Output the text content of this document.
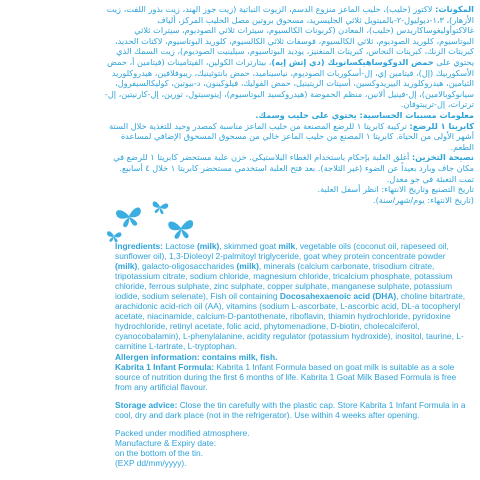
المكونات: لاكتوز (حليب)، حليب الماعز منزوع الدسم، الزيوت النباتية (زيت جوز الهند، زيت بذور اللفت، زيت الأزهار)، ١،٣-ديوليول-٢-بالميتويل ثلاثي الجليسريد، مسحوق بروتين مصل الحليب المركز، ألياف غالاكتوأوليغوساكاريدس (حليب)، المعادن (كربونات الكالسيوم، سيترات ثلاثي الصوديوم، سيترات ثلاثي البوتاسيوم، كلوريد الصوديوم، ثلاثي الكالسيوم، فوسفات ثلاثي الكالسيوم، كلوريد البوتاسيوم، لاكتات الحديد، كبريتات الزنك، كبريتات النحاس، كبريتات المنغنيز، يوديد البوتاسيوم، سيلينيت الصوديوم)، زيت السمك الذي يحتوي على حمض الدوكوساهيكسانويك (دي إتش إيه)، بيتارترات الكولين، الفيتامينات (فيتامين أ، حمض الأسكوربيك (إل)، فيتامين إي، إل-أسكوربات الصوديوم، نياسيناميد، حمض بانتوثينيك، ريبوفلافين، هيدروكلوريد الثيامين، هيدروكلوريد البيريدوكسين، أسيتات الريتينيل، حمض الفوليك، فيلوكينون، د-بيوتين، كوليكالسيفرول، سيانوكوبالامين)، إل-فينيل ألانين، منظم الحموضة (هيدروكسيد البوتاسيوم)، إينوسيتول، تورين، إل-كارنيتين، إل-ترترات، إل-تريبتوفان.

معلومات مسببات الحساسية: يحتوي على حليب وسمك.

كابريتا ١ للرضع: تركيبة كابريتا ١ للرضع المصنعة من حليب الماعز مناسبة كمصدر وحيد للتغذية خلال الستة أشهر الأولى من الحياة. كابريتا ١ المصنع من حليب الماعز خالي من مسحوق المسحوق الإضافي لمساعدة الطعم.

نصيحة التخزين: أغلق العلبة بإحكام باستخدام الغطاء البلاستيكي. خزن علبة مستحضر كابريتا ١ للرضع في مكان جاف وبارد بعيداً عن الضوء (غير الثلاجة). بعد فتح العلبة استخدمي مستحضر كابريتا ١ خلال ٤ أسابيع.

تمت التعبئة في جو معدل.

تاريخ التصنيع وتاريخ الانتهاء: انظر أسفل العلبة.

(تاريخ الانتهاء: يوم/شهر/سنة).

Ingredients: Lactose (milk), skimmed goat milk, vegetable oils (coconut oil, rapeseed oil, sunflower oil), 1,3-Dioleoyl 2-palmitoyl triglyceride, goat whey protein concentrate powder (milk), galacto-oligosaccharides (milk), minerals (calcium carbonate, trisodium citrate, tripotassium citrate, sodium chloride, magnesium chloride, tricalcium phosphate, potassium chloride, ferrous sulphate, zinc sulphate, copper sulphate, manganese sulphate, potassium iodide, sodium selenate), Fish oil containing Docosahexaenoic acid (DHA), choline bitartrate, arachidonic acid-rich oil (AA), vitamins (sodium L-ascorbate, L-ascorbic acid, DL-a tocopheryl acetate, niacinamide, calcium-D-pantothenate, riboflavin, thiamin hydrochloride, pyridoxine hydrochloride, retinyl acetate, folic acid, phytomenadione, D-biotin, cholecalciferol, cyanocobalamin), L-phenylalanine, acidity regulator (potassium hydroxide), inositol, taurine, L-carnitine L-tartrate, L-tryptophan.

Allergen information: contains milk, fish.

Kabrita 1 Infant Formula: Kabrita 1 Infant Formula based on goat milk is suitable as a sole source of nutrition during the first 6 months of life. Kabrita 1 Goat Milk Based Formula is free from any artificial flavour.

Storage advice: Close the tin carefully with the plastic cap. Store Kabrita 1 Infant Formula in a cool, dry and dark place (not in the refrigerator). Use within 4 weeks after opening.

Packed under modified atmosphere.

Manufacture & Expiry date:

on the bottom of the tin.

(EXP dd/mm/yyyy).
